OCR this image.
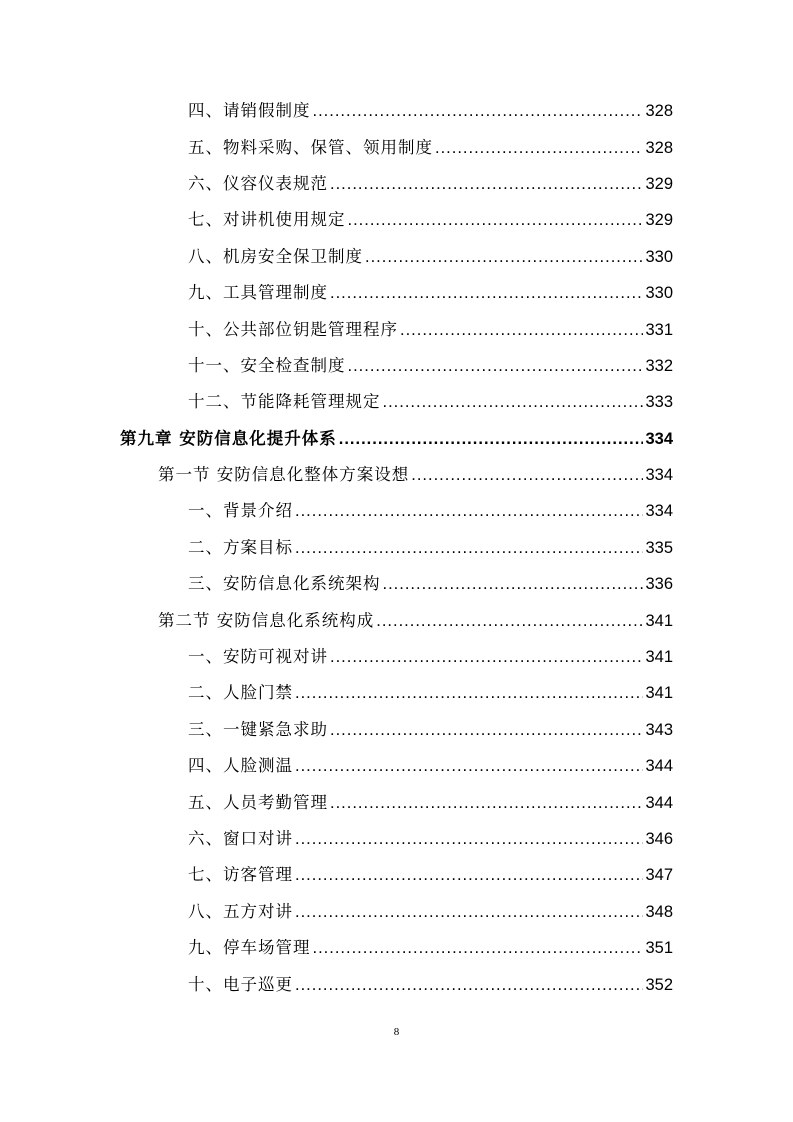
四、请销假制度 .....	328
五、物料采购、保管、领用制度 .....	328
六、仪容仪表规范 .....	329
七、对讲机使用规定 .....	329
八、机房安全保卫制度 .....	330
九、工具管理制度 .....	330
十、公共部位钥匙管理程序 .....	331
十一、安全检查制度 .....	332
十二、节能降耗管理规定 .....	333
第九章 安防信息化提升体系 .....	334
第一节 安防信息化整体方案设想 .....	334
一、背景介绍 .....	334
二、方案目标 .....	335
三、安防信息化系统架构 .....	336
第二节 安防信息化系统构成 .....	341
一、安防可视对讲 .....	341
二、人脸门禁 .....	341
三、一键紧急求助 .....	343
四、人脸测温 .....	344
五、人员考勤管理 .....	344
六、窗口对讲 .....	346
七、访客管理 .....	347
八、五方对讲 .....	348
九、停车场管理 .....	351
十、电子巡更 .....	352
8
